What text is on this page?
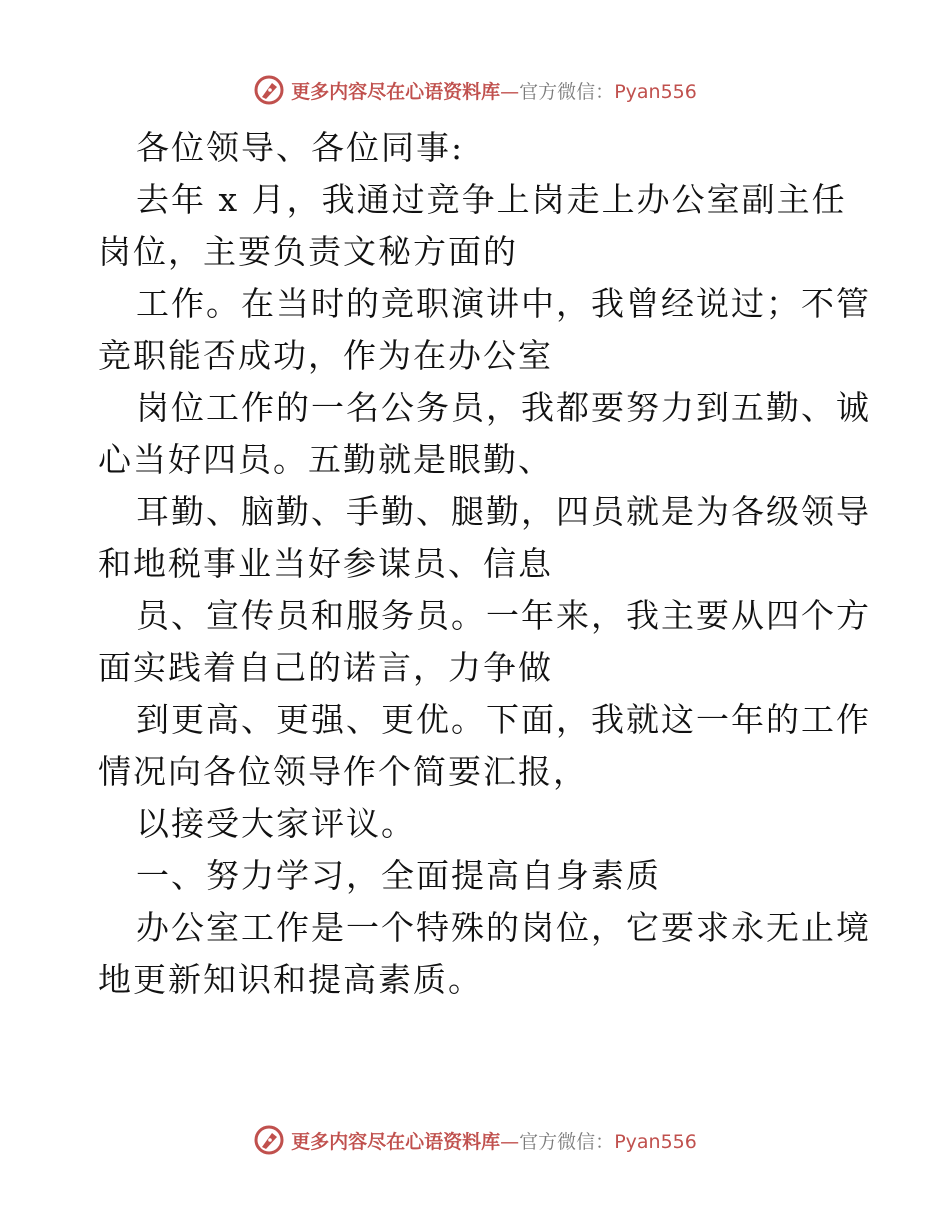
更多内容尽在心语资料库—官方微信：Pyan556
各位领导、各位同事:
去年 x 月，我通过竞争上岗走上办公室副主任
岗位，主要负责文秘方面的
工作。在当时的竞职演讲中，我曾经说过；不管
竞职能否成功，作为在办公室
岗位工作的一名公务员，我都要努力到五勤、诚
心当好四员。五勤就是眼勤、
耳勤、脑勤、手勤、腿勤，四员就是为各级领导
和地税事业当好参谋员、信息
员、宣传员和服务员。一年来，我主要从四个方
面实践着自己的诺言，力争做
到更高、更强、更优。下面，我就这一年的工作
情况向各位领导作个简要汇报，
以接受大家评议。
一、努力学习，全面提高自身素质
办公室工作是一个特殊的岗位，它要求永无止境
地更新知识和提高素质。
更多内容尽在心语资料库—官方微信：Pyan556
